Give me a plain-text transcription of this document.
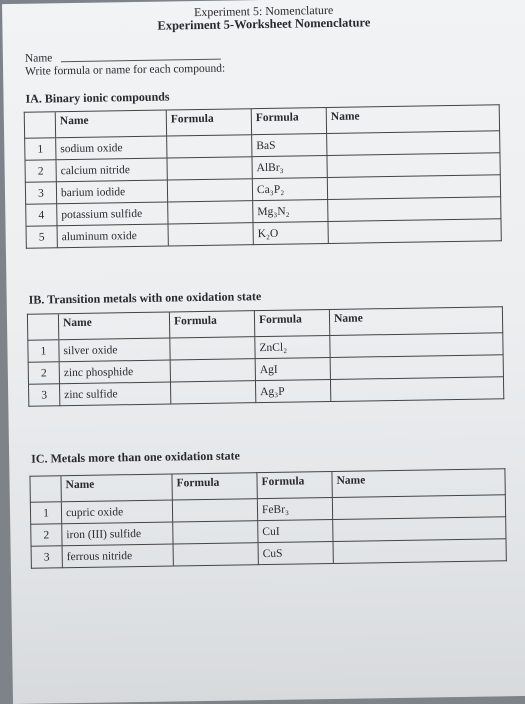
Experiment 5: Nomenclature
Experiment 5-Worksheet Nomenclature
Name
Write formula or name for each compound:
IA. Binary ionic compounds
	Name	Formula	Formula	Name
1	sodium oxide		BaS	
2	calcium nitride		AlBr₃	
3	barium iodide		Ca₃P₂	
4	potassium sulfide		Mg₃N₂	
5	aluminum oxide		K₂O	
IB. Transition metals with one oxidation state
	Name	Formula	Formula	Name
1	silver oxide		ZnCl₂	
2	zinc phosphide		AgI	
3	zinc sulfide		Ag₃P	
IC. Metals more than one oxidation state
	Name	Formula	Formula	Name
1	cupric oxide		FeBr₃	
2	iron (III) sulfide		CuI	
3	ferrous nitride		CuS	
